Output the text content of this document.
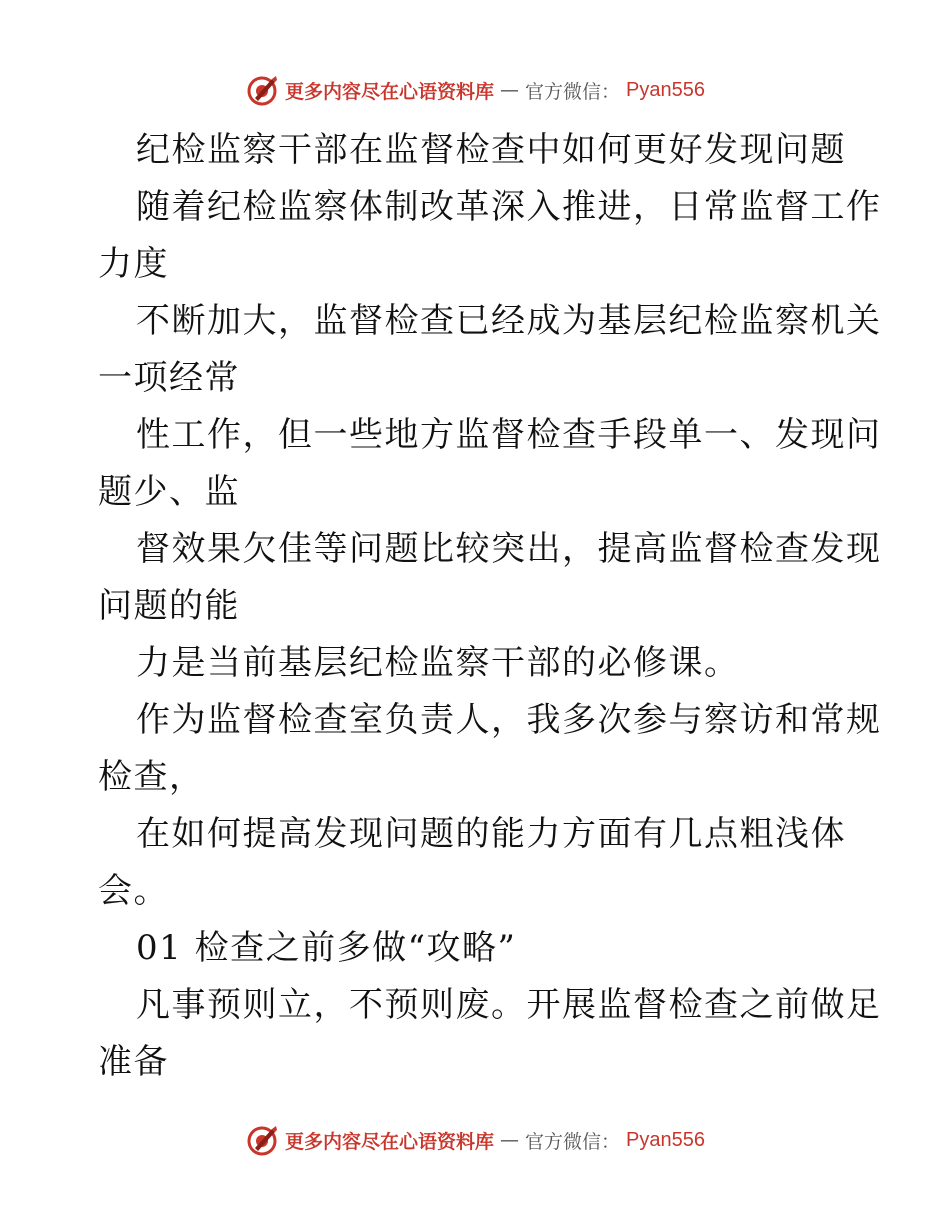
更多内容尽在心语资料库 — 官方微信： Pyan556
纪检监察干部在监督检查中如何更好发现问题
随着纪检监察体制改革深入推进，日常监督工作
力度
不断加大，监督检查已经成为基层纪检监察机关
一项经常
性工作，但一些地方监督检查手段单一、发现问
题少、监
督效果欠佳等问题比较突出，提高监督检查发现
问题的能
力是当前基层纪检监察干部的必修课。
作为监督检查室负责人，我多次参与察访和常规
检查，
在如何提高发现问题的能力方面有几点粗浅体
会。
01 检查之前多做“攻略”
凡事预则立，不预则废。开展监督检查之前做足
准备
更多内容尽在心语资料库 — 官方微信： Pyan556
